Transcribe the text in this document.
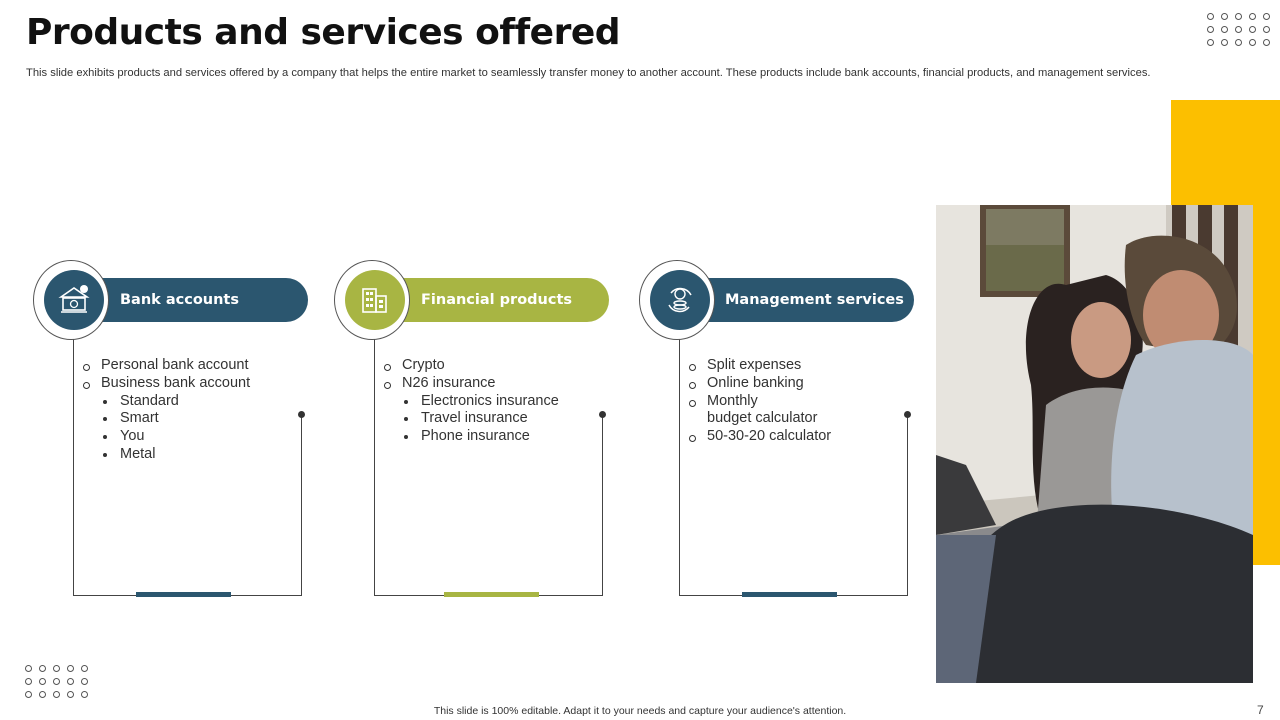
Products and services offered
This slide exhibits products and services offered by a company that helps the entire market to seamlessly transfer money to another account. These products include bank accounts, financial products, and management services.
Bank accounts
Personal bank account
Business bank account
Standard
Smart
You
Metal
Financial products
Crypto
N26 insurance
Electronics insurance
Travel insurance
Phone insurance
Management services
Split expenses
Online banking
Monthly
budget calculator
50-30-20 calculator
This slide is 100% editable. Adapt it to your needs and capture your audience's attention.	7
